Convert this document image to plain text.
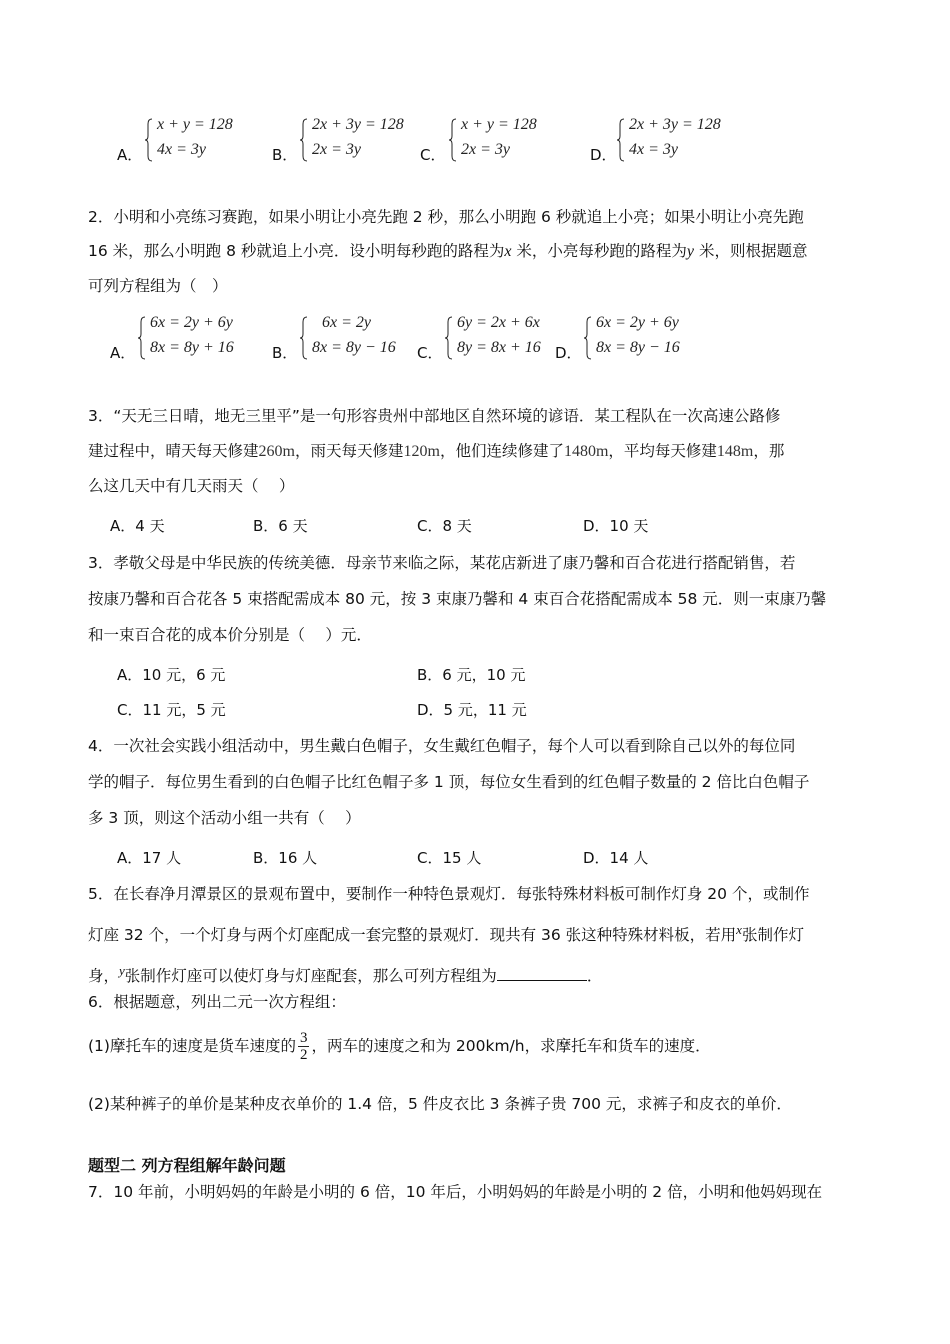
A．
x + y = 128
4x = 3y	B．
2x + 3y = 128
2x = 3y	C．
x + y = 128
2x = 3y	D．
2x + 3y = 128
4x = 3y
2．小明和小亮练习赛跑，如果小明让小亮先跑 2 秒，那么小明跑 6 秒就追上小亮；如果小明让小亮先跑
16 米，那么小明跑 8 秒就追上小亮．设小明每秒跑的路程为x 米，小亮每秒跑的路程为y 米，则根据题意
可列方程组为（　）
A．
6x = 2y + 6y
8x = 8y + 16	B．
6x = 2y
8x = 8y − 16 C．
6y = 2x + 6x
8y = 8x + 16 D．
6x = 2y + 6y
8x = 8y − 16
3．“天无三日晴，地无三里平”是一句形容贵州中部地区自然环境的谚语．某工程队在一次高速公路修
建过程中，晴天每天修建260m，雨天每天修建120m，他们连续修建了1480m，平均每天修建148m，那
么这几天中有几天雨天（　 ）
A．4 天	B．6 天	C．8 天	D．10 天
3．孝敬父母是中华民族的传统美德．母亲节来临之际，某花店新进了康乃馨和百合花进行搭配销售，若
按康乃馨和百合花各 5 束搭配需成本 80 元，按 3 束康乃馨和 4 束百合花搭配需成本 58 元．则一束康乃馨
和一束百合花的成本价分别是（　 ）元．
A．10 元，6 元	B．6 元，10 元
C．11 元，5 元	D．5 元，11 元
4．一次社会实践小组活动中，男生戴白色帽子，女生戴红色帽子，每个人可以看到除自己以外的每位同
学的帽子．每位男生看到的白色帽子比红色帽子多 1 顶，每位女生看到的红色帽子数量的 2 倍比白色帽子
多 3 顶，则这个活动小组一共有（　 ）
A．17 人	B．16 人	C．15 人	D．14 人
5．在长春净月潭景区的景观布置中，要制作一种特色景观灯．每张特殊材料板可制作灯身 20 个，或制作
灯座 32 个，一个灯身与两个灯座配成一套完整的景观灯．现共有 36 张这种特殊材料板，若用$^x$张制作灯
身，$^y$张制作灯座可以使灯身与灯座配套，那么可列方程组为	．
6．根据题意，列出二元一次方程组：
(1)摩托车的速度是货车速度的 $\frac{3}{2}$ ，两车的速度之和为 200km/h，求摩托车和货车的速度．
(2)某种裤子的单价是某种皮衣单价的 1.4 倍，5 件皮衣比 3 条裤子贵 700 元，求裤子和皮衣的单价．
题型二 列方程组解年龄问题
7．10 年前，小明妈妈的年龄是小明的 6 倍，10 年后，小明妈妈的年龄是小明的 2 倍，小明和他妈妈现在
